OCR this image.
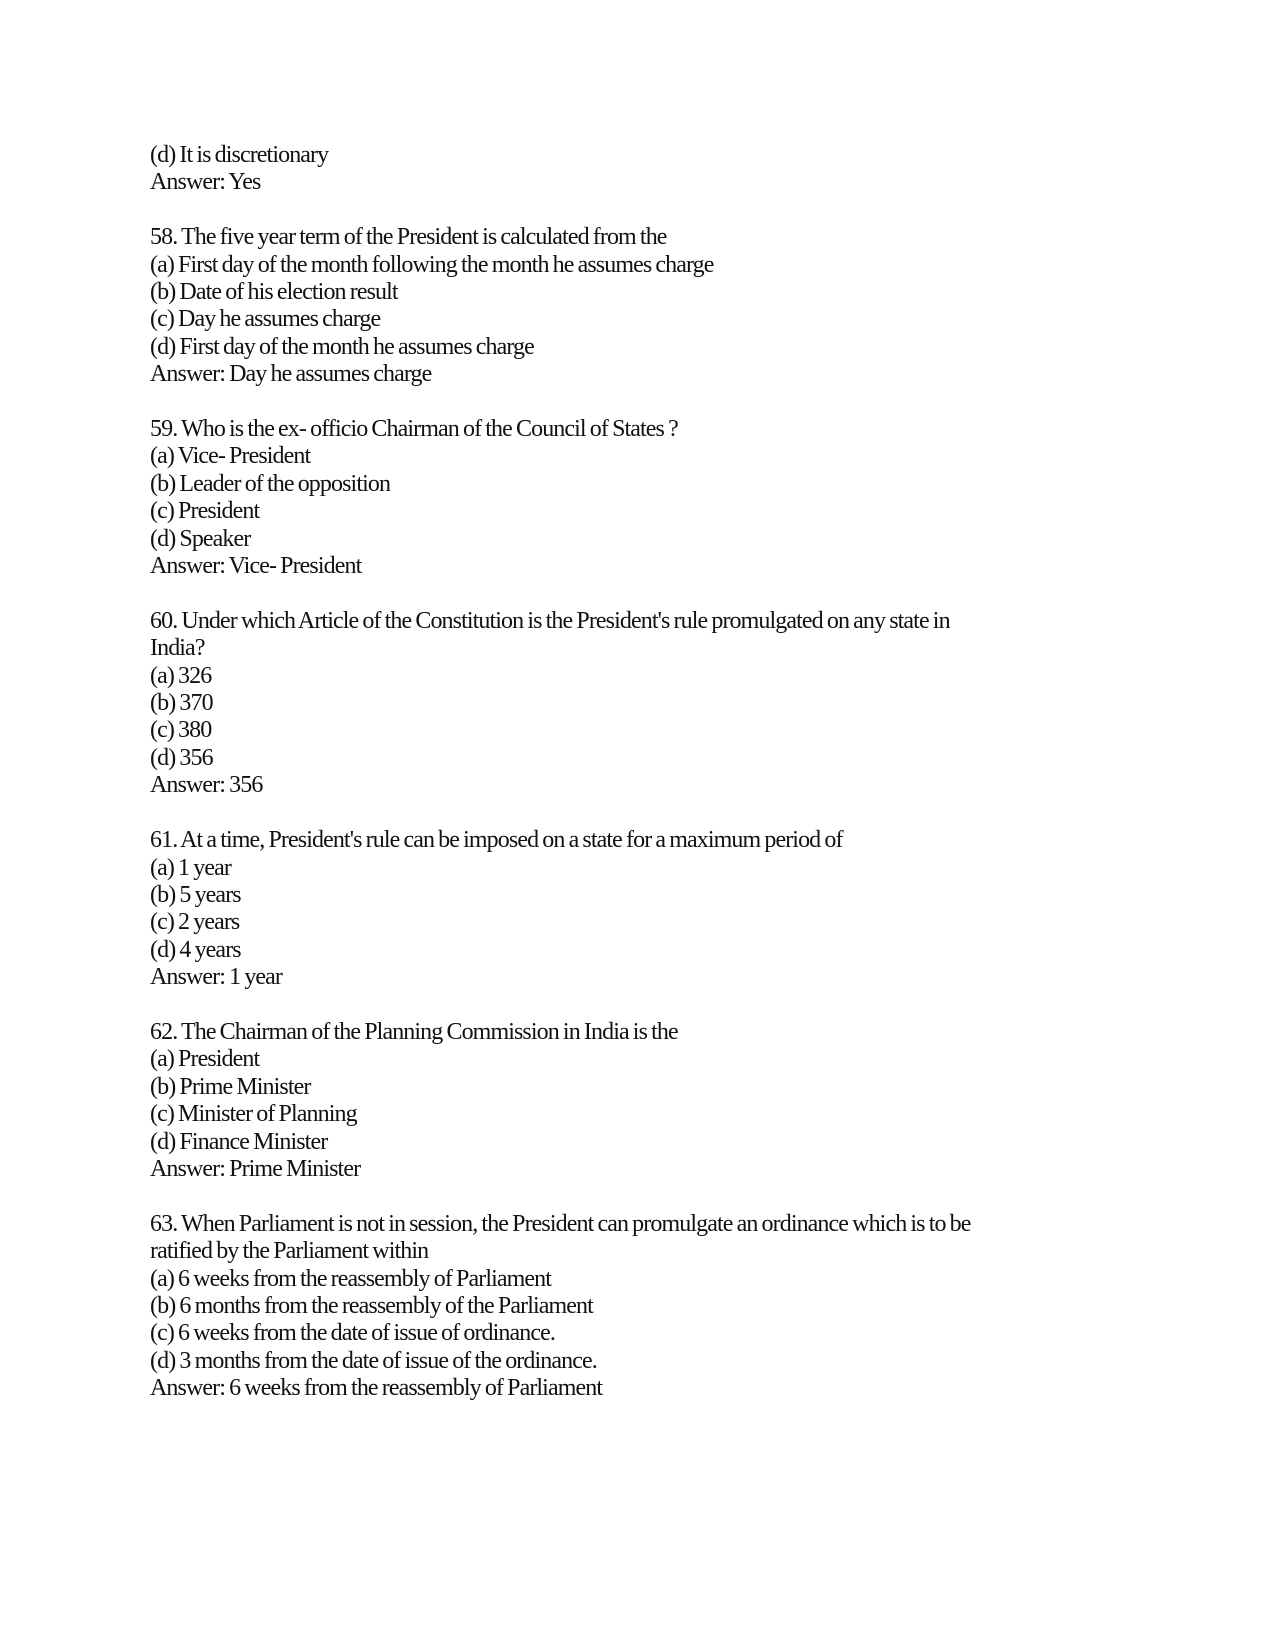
(d) It is discretionary
Answer: Yes
58. The five year term of the President is calculated from the
(a) First day of the month following the month he assumes charge
(b) Date of his election result
(c) Day he assumes charge
(d) First day of the month he assumes charge
Answer: Day he assumes charge
59. Who is the ex- officio Chairman of the Council of States ?
(a) Vice- President
(b) Leader of the opposition
(c) President
(d) Speaker
Answer: Vice- President
60. Under which Article of the Constitution is the President's rule promulgated on any state in
India?
(a) 326
(b) 370
(c) 380
(d) 356
Answer: 356
61. At a time, President's rule can be imposed on a state for a maximum period of
(a) 1 year
(b) 5 years
(c) 2 years
(d) 4 years
Answer: 1 year
62. The Chairman of the Planning Commission in India is the
(a) President
(b) Prime Minister
(c) Minister of Planning
(d) Finance Minister
Answer: Prime Minister
63. When Parliament is not in session, the President can promulgate an ordinance which is to be
ratified by the Parliament within
(a) 6 weeks from the reassembly of Parliament
(b) 6 months from the reassembly of the Parliament
(c) 6 weeks from the date of issue of ordinance.
(d) 3 months from the date of issue of the ordinance.
Answer: 6 weeks from the reassembly of Parliament
